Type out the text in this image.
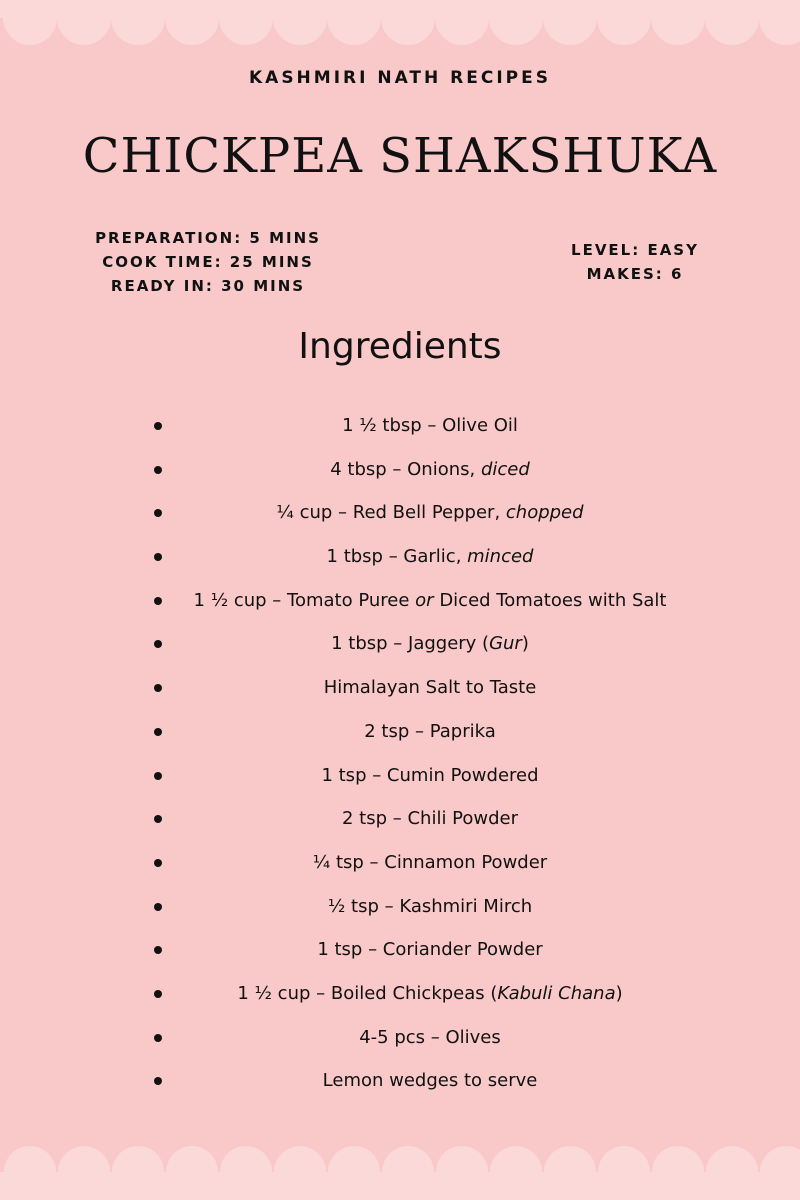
KASHMIRI NATH RECIPES
CHICKPEA SHAKSHUKA
PREPARATION: 5 MINS
COOK TIME: 25 MINS
READY IN: 30 MINS
LEVEL: EASY
MAKES: 6
Ingredients
1 ½ tbsp – Olive Oil
4 tbsp – Onions, diced
¼ cup – Red Bell Pepper, chopped
1 tbsp – Garlic, minced
1 ½ cup – Tomato Puree or Diced Tomatoes with Salt
1 tbsp – Jaggery (Gur)
Himalayan Salt to Taste
2 tsp – Paprika
1 tsp – Cumin Powdered
2 tsp – Chili Powder
¼ tsp – Cinnamon Powder
½ tsp – Kashmiri Mirch
1 tsp – Coriander Powder
1 ½ cup – Boiled Chickpeas (Kabuli Chana)
4-5 pcs – Olives
Lemon wedges to serve
